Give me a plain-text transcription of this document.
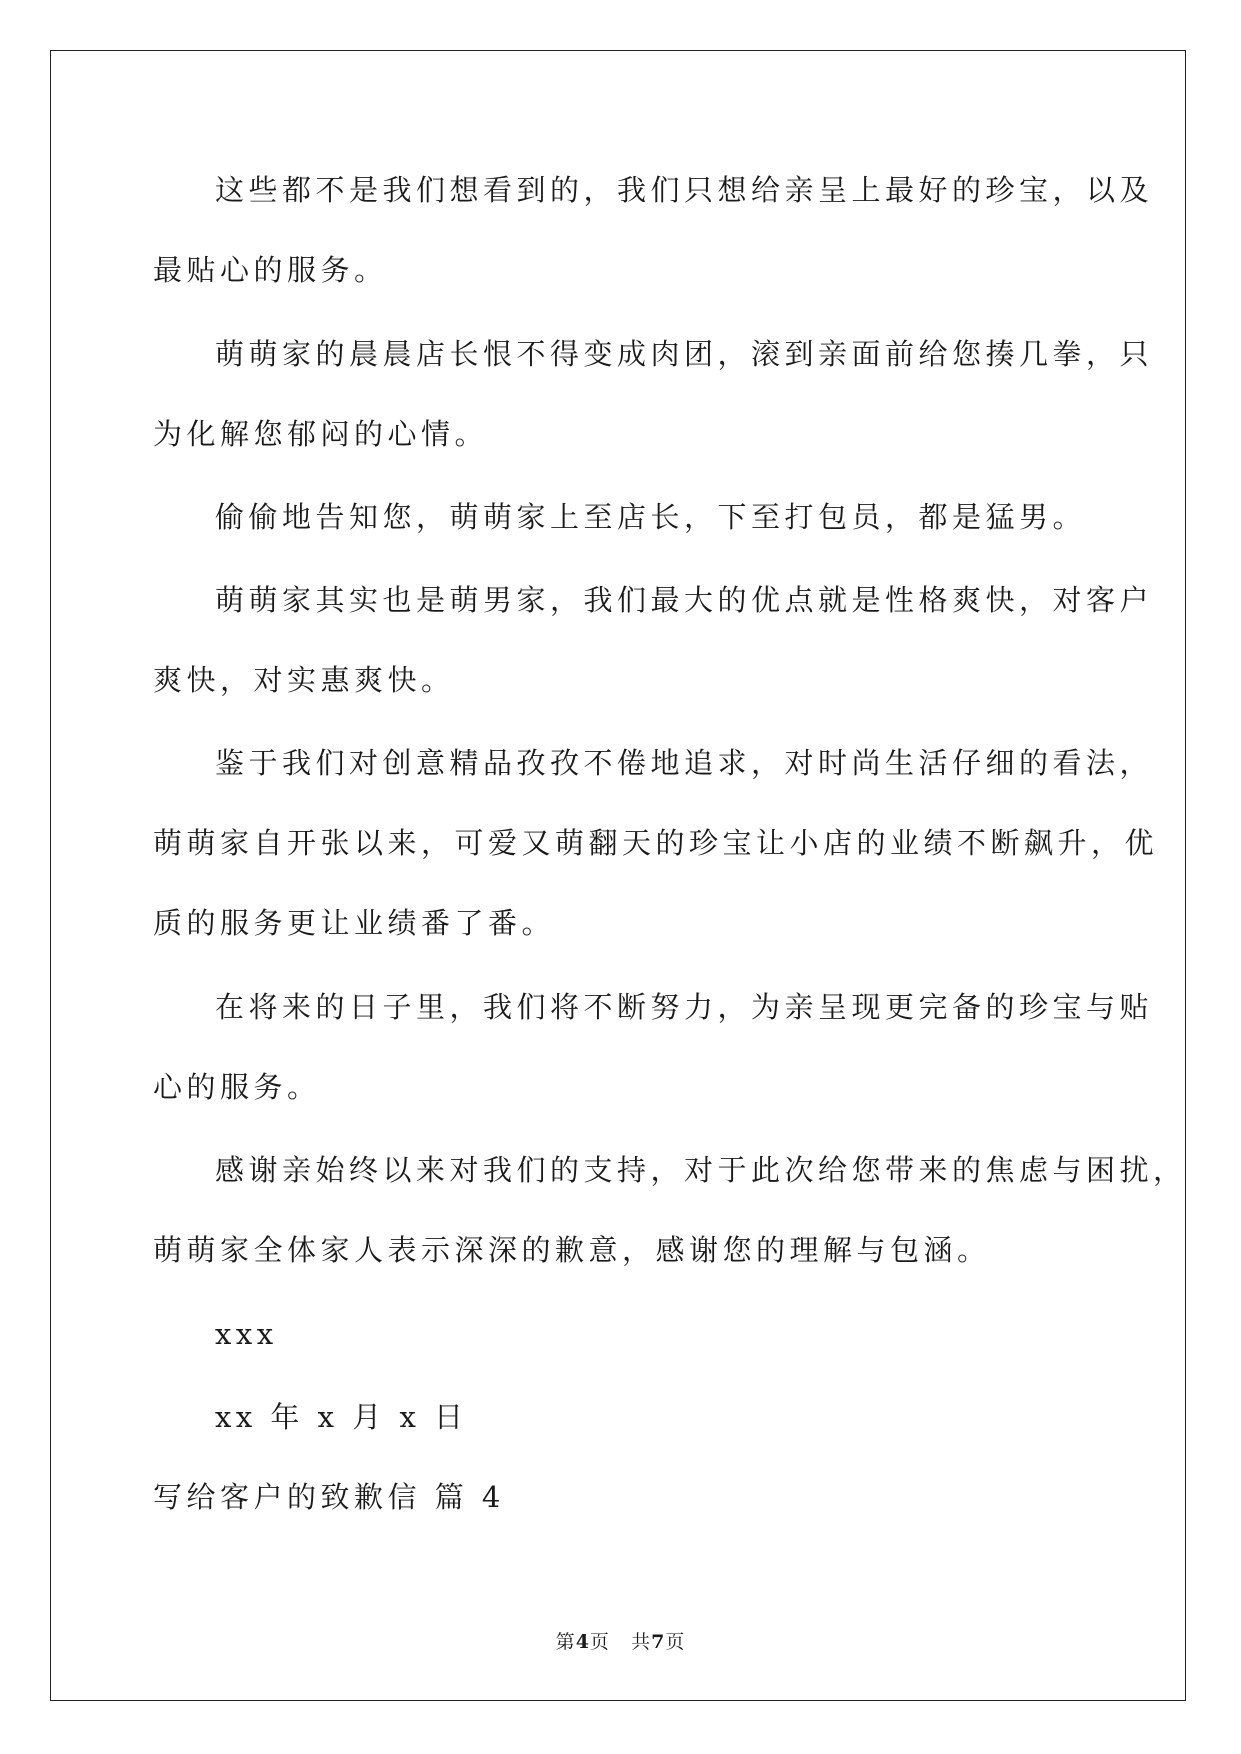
这些都不是我们想看到的，我们只想给亲呈上最好的珍宝，以及
最贴心的服务。
萌萌家的晨晨店长恨不得变成肉团，滚到亲面前给您揍几拳，只
为化解您郁闷的心情。
偷偷地告知您，萌萌家上至店长，下至打包员，都是猛男。
萌萌家其实也是萌男家，我们最大的优点就是性格爽快，对客户
爽快，对实惠爽快。
鉴于我们对创意精品孜孜不倦地追求，对时尚生活仔细的看法，
萌萌家自开张以来，可爱又萌翻天的珍宝让小店的业绩不断飙升，优
质的服务更让业绩番了番。
在将来的日子里，我们将不断努力，为亲呈现更完备的珍宝与贴
心的服务。
感谢亲始终以来对我们的支持，对于此次给您带来的焦虑与困扰，
萌萌家全体家人表示深深的歉意，感谢您的理解与包涵。
xxx
xx 年 x 月 x 日
写给客户的致歉信 篇 4
第4页 共7页
